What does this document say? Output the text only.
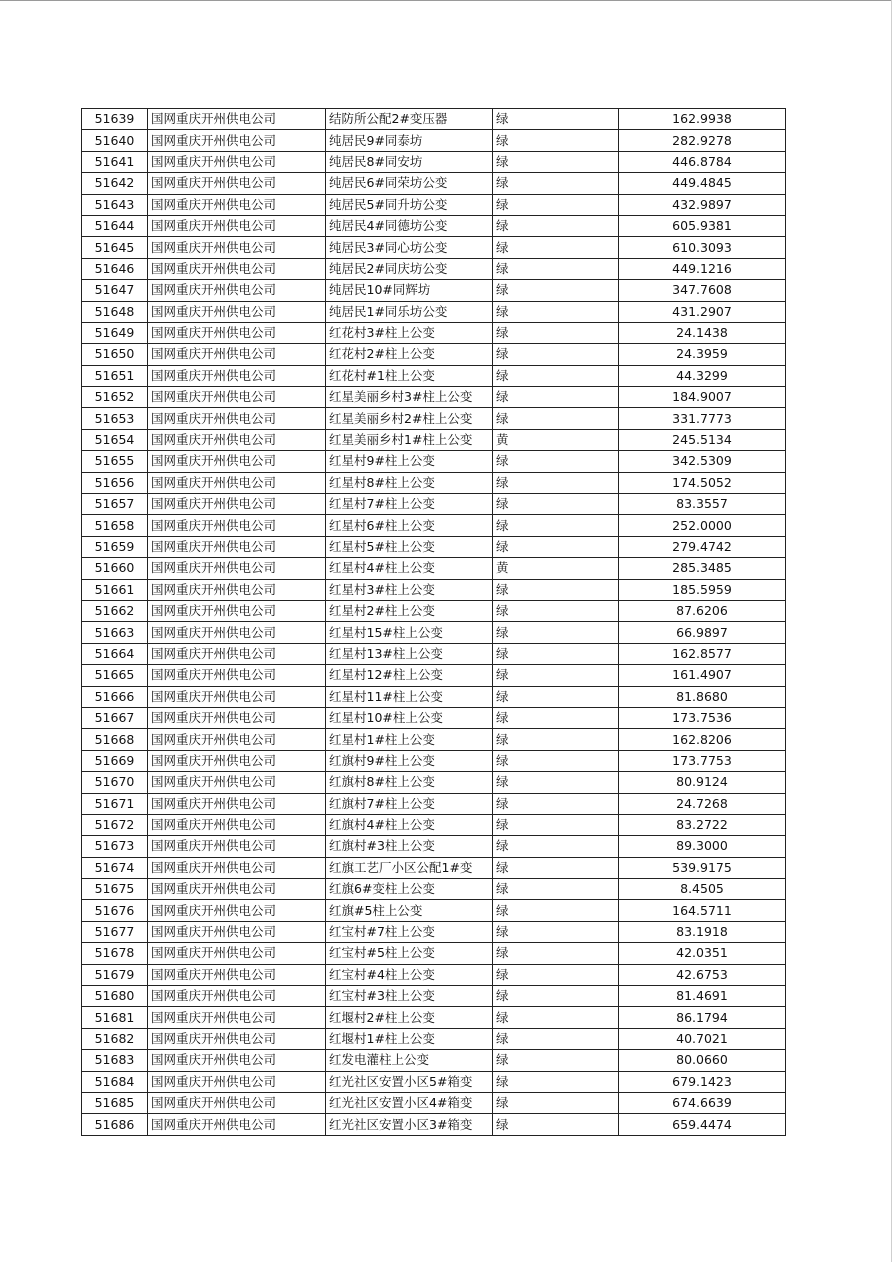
51639	国网重庆开州供电公司	结防所公配2#变压器	绿	162.9938
51640	国网重庆开州供电公司	纯居民9#同泰坊	绿	282.9278
51641	国网重庆开州供电公司	纯居民8#同安坊	绿	446.8784
51642	国网重庆开州供电公司	纯居民6#同荣坊公变	绿	449.4845
51643	国网重庆开州供电公司	纯居民5#同升坊公变	绿	432.9897
51644	国网重庆开州供电公司	纯居民4#同德坊公变	绿	605.9381
51645	国网重庆开州供电公司	纯居民3#同心坊公变	绿	610.3093
51646	国网重庆开州供电公司	纯居民2#同庆坊公变	绿	449.1216
51647	国网重庆开州供电公司	纯居民10#同辉坊	绿	347.7608
51648	国网重庆开州供电公司	纯居民1#同乐坊公变	绿	431.2907
51649	国网重庆开州供电公司	红花村3#柱上公变	绿	24.1438
51650	国网重庆开州供电公司	红花村2#柱上公变	绿	24.3959
51651	国网重庆开州供电公司	红花村#1柱上公变	绿	44.3299
51652	国网重庆开州供电公司	红星美丽乡村3#柱上公变	绿	184.9007
51653	国网重庆开州供电公司	红星美丽乡村2#柱上公变	绿	331.7773
51654	国网重庆开州供电公司	红星美丽乡村1#柱上公变	黄	245.5134
51655	国网重庆开州供电公司	红星村9#柱上公变	绿	342.5309
51656	国网重庆开州供电公司	红星村8#柱上公变	绿	174.5052
51657	国网重庆开州供电公司	红星村7#柱上公变	绿	83.3557
51658	国网重庆开州供电公司	红星村6#柱上公变	绿	252.0000
51659	国网重庆开州供电公司	红星村5#柱上公变	绿	279.4742
51660	国网重庆开州供电公司	红星村4#柱上公变	黄	285.3485
51661	国网重庆开州供电公司	红星村3#柱上公变	绿	185.5959
51662	国网重庆开州供电公司	红星村2#柱上公变	绿	87.6206
51663	国网重庆开州供电公司	红星村15#柱上公变	绿	66.9897
51664	国网重庆开州供电公司	红星村13#柱上公变	绿	162.8577
51665	国网重庆开州供电公司	红星村12#柱上公变	绿	161.4907
51666	国网重庆开州供电公司	红星村11#柱上公变	绿	81.8680
51667	国网重庆开州供电公司	红星村10#柱上公变	绿	173.7536
51668	国网重庆开州供电公司	红星村1#柱上公变	绿	162.8206
51669	国网重庆开州供电公司	红旗村9#柱上公变	绿	173.7753
51670	国网重庆开州供电公司	红旗村8#柱上公变	绿	80.9124
51671	国网重庆开州供电公司	红旗村7#柱上公变	绿	24.7268
51672	国网重庆开州供电公司	红旗村4#柱上公变	绿	83.2722
51673	国网重庆开州供电公司	红旗村#3柱上公变	绿	89.3000
51674	国网重庆开州供电公司	红旗工艺厂小区公配1#变	绿	539.9175
51675	国网重庆开州供电公司	红旗6#变柱上公变	绿	8.4505
51676	国网重庆开州供电公司	红旗#5柱上公变	绿	164.5711
51677	国网重庆开州供电公司	红宝村#7柱上公变	绿	83.1918
51678	国网重庆开州供电公司	红宝村#5柱上公变	绿	42.0351
51679	国网重庆开州供电公司	红宝村#4柱上公变	绿	42.6753
51680	国网重庆开州供电公司	红宝村#3柱上公变	绿	81.4691
51681	国网重庆开州供电公司	红堰村2#柱上公变	绿	86.1794
51682	国网重庆开州供电公司	红堰村1#柱上公变	绿	40.7021
51683	国网重庆开州供电公司	红发电灌柱上公变	绿	80.0660
51684	国网重庆开州供电公司	红光社区安置小区5#箱变	绿	679.1423
51685	国网重庆开州供电公司	红光社区安置小区4#箱变	绿	674.6639
51686	国网重庆开州供电公司	红光社区安置小区3#箱变	绿	659.4474
